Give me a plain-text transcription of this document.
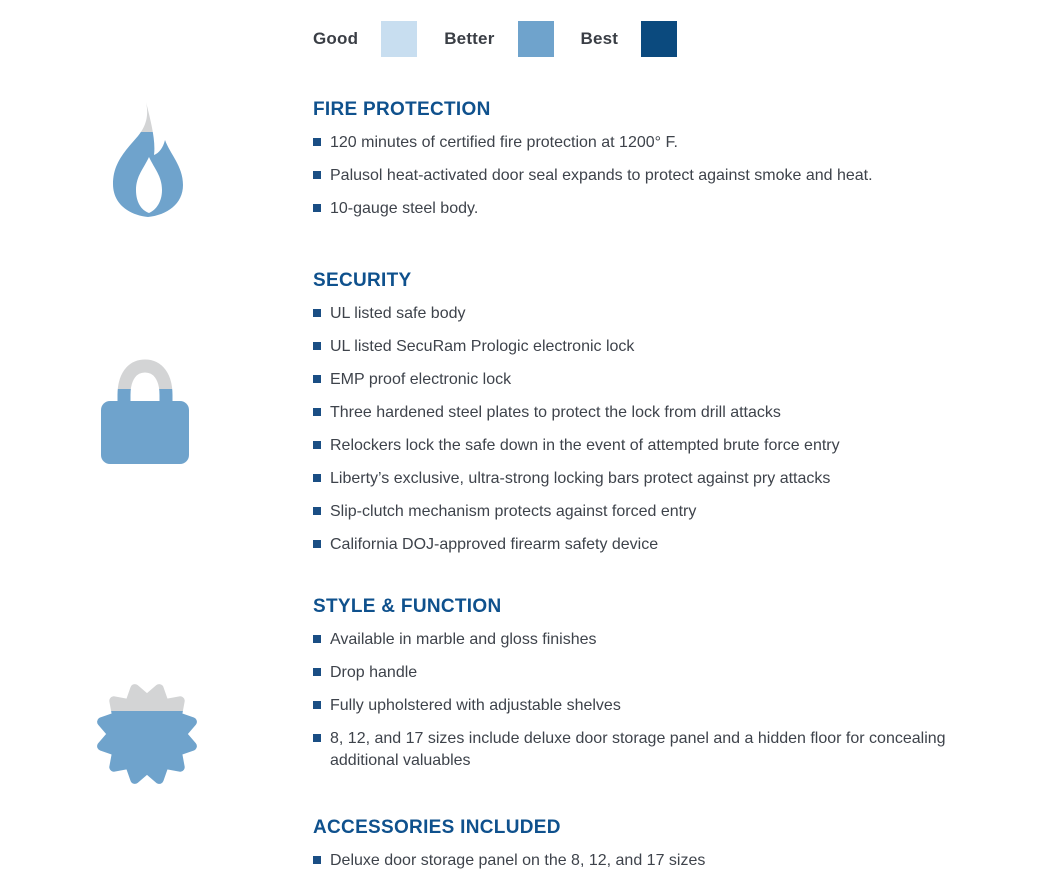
Good	Better	Best
FIRE PROTECTION
120 minutes of certified fire protection at 1200° F.
Palusol heat-activated door seal expands to protect against smoke and heat.
10-gauge steel body.
SECURITY
UL listed safe body
UL listed SecuRam Prologic electronic lock
EMP proof electronic lock
Three hardened steel plates to protect the lock from drill attacks
Relockers lock the safe down in the event of attempted brute force entry
Liberty’s exclusive, ultra-strong locking bars protect against pry attacks
Slip-clutch mechanism protects against forced entry
California DOJ-approved firearm safety device
STYLE & FUNCTION
Available in marble and gloss finishes
Drop handle
Fully upholstered with adjustable shelves
8, 12, and 17 sizes include deluxe door storage panel and a hidden floor for concealing additional valuables
ACCESSORIES INCLUDED
Deluxe door storage panel on the 8, 12, and 17 sizes
